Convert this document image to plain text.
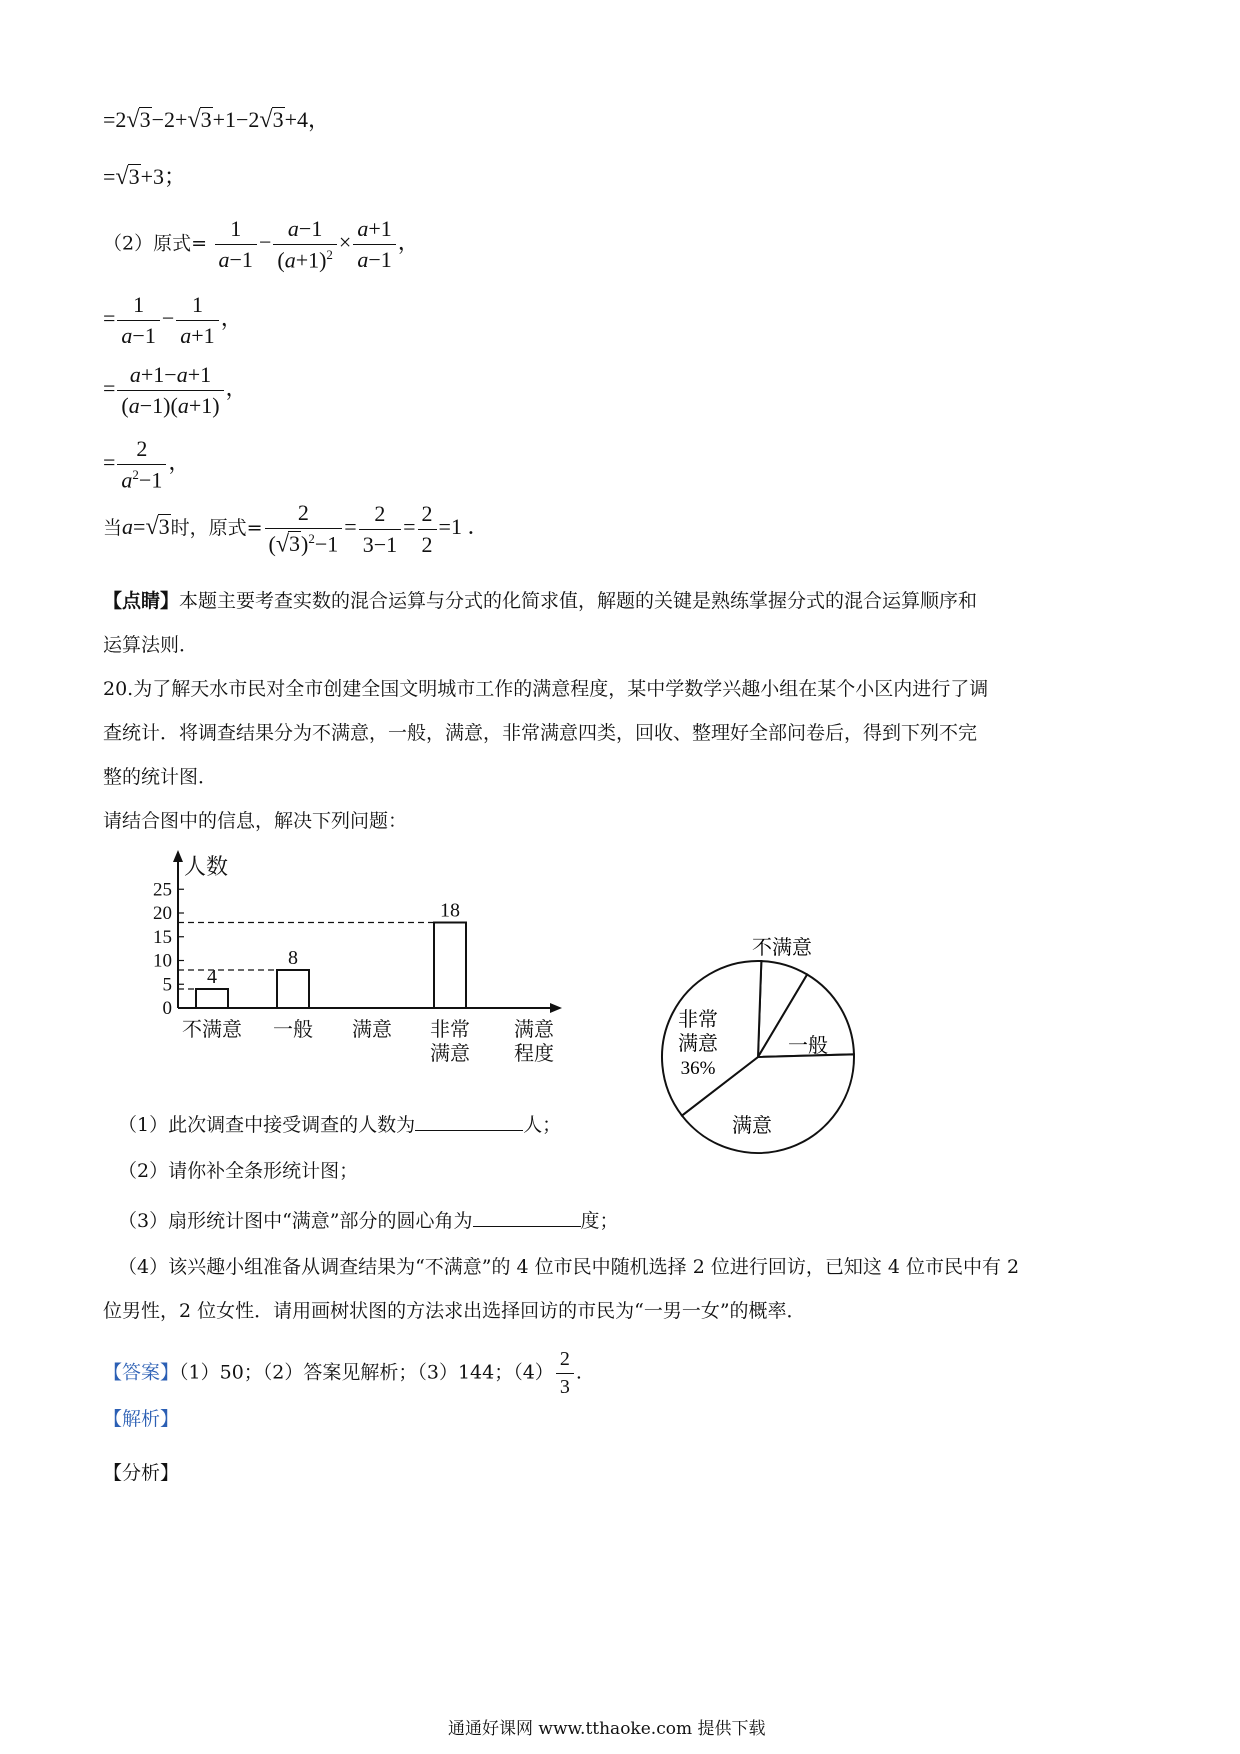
=2√3−2+√3+1−2√3+4，
=√3+3；
（2）原式= $\frac{1}{a-1} - \frac{a-1}{(a+1)^2} \times \frac{a+1}{a-1}$ ，
= $\frac{1}{a-1} - \frac{1}{a+1}$ ，
= $\frac{a+1-a+1}{(a-1)(a+1)}$ ，
= $\frac{2}{a^2-1}$ ，
当a=√3时，原式= $\frac{2}{(√3)^2-1} = \frac{2}{3-1} = \frac{2}{2} =1$ ．
【点睛】本题主要考查实数的混合运算与分式的化简求值，解题的关键是熟练掌握分式的混合运算顺序和
运算法则．
20.为了解天水市民对全市创建全国文明城市工作的满意程度，某中学数学兴趣小组在某个小区内进行了调
查统计．将调查结果分为不满意，一般，满意，非常满意四类，回收、整理好全部问卷后，得到下列不完
整的统计图．
请结合图中的信息，解决下列问题：
人数
0
5
10
15
20
25
4
8
18
不满意 一般 满意 非常
满意
满意
程度
不满意
一般
满意
非常
满意
36%
（1）此次调查中接受调查的人数为	人；
（2）请你补全条形统计图；
（3）扇形统计图中“满意”部分的圆心角为	度；
（4）该兴趣小组准备从调查结果为“不满意”的 4 位市民中随机选择 2 位进行回访，已知这 4 位市民中有 2
位男性，2 位女性．请用画树状图的方法求出选择回访的市民为“一男一女”的概率．
【答案】（1）50；（2）答案见解析；（3）144；$(4) \frac{2}{3}$ .
【解析】
【分析】
通通好课网 www.tthaoke.com 提供下载
